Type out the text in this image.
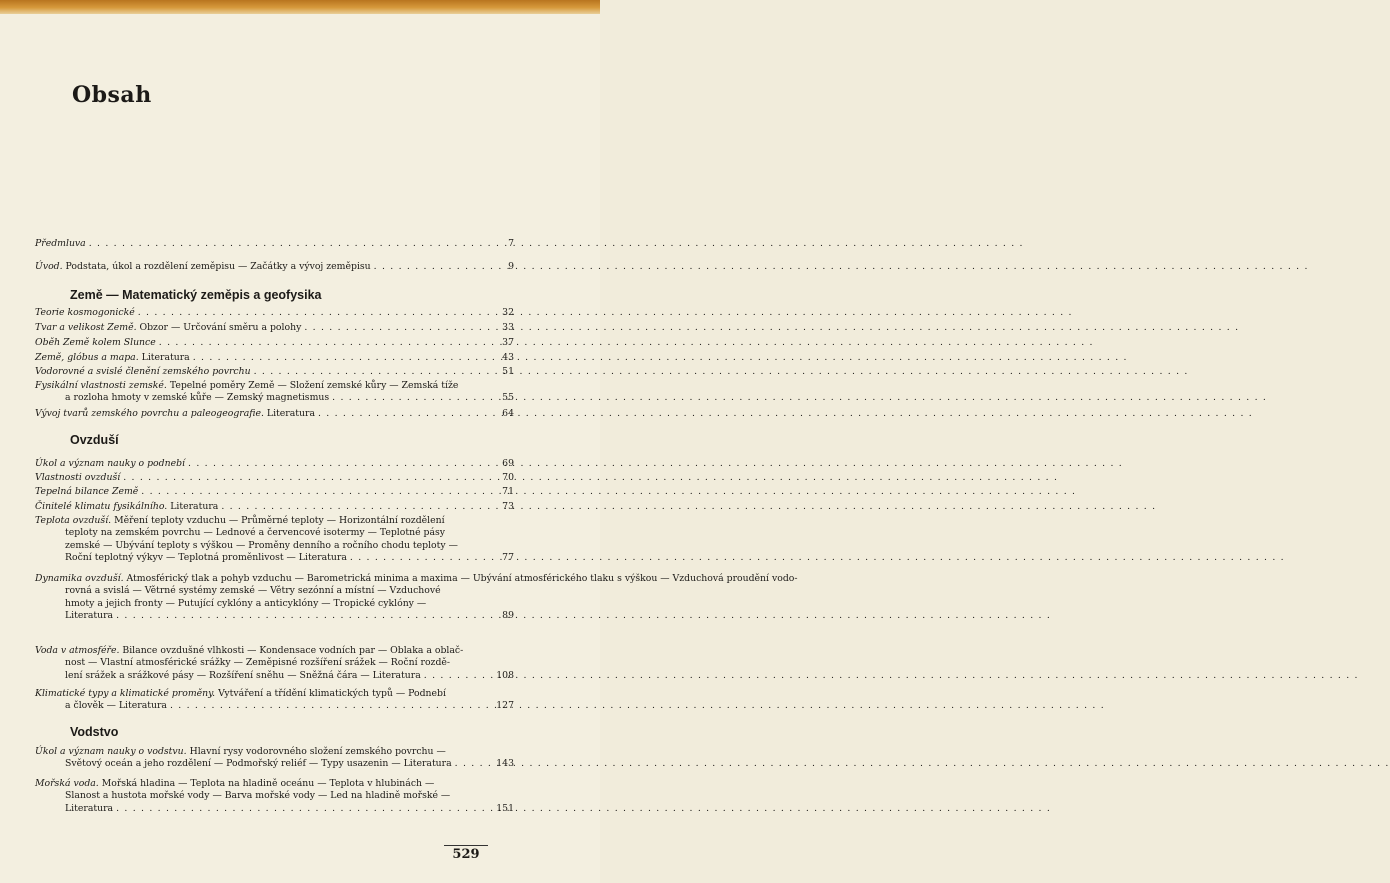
Obsah
Předmluva . . .	7
Úvod. Podstata, úkol a rozdělení zeměpisu — Začátky a vývoj zeměpisu . . .	9
Země — Matematický zeměpis a geofysika
Teorie kosmogonické . . .	32
Tvar a velikost Země. Obzor — Určování směru a polohy . . .	33
Oběh Země kolem Slunce . . .	37
Země, glóbus a mapa. Literatura . . .	43
Vodorovné a svislé členění zemského povrchu . . .	51
Fysikální vlastnosti zemské. Tepelné poměry Země — Složení zemské kůry — Zemská tíže
a rozloha hmoty v zemské kůře — Zemský magnetismus . . .	55
Vývoj tvarů zemského povrchu a paleogeografie. Literatura . . .	64
Ovzduší
Úkol a význam nauky o podnebí . . .	69
Vlastnosti ovzduší . . .	70
Tepelná bilance Země . . .	71
Činitelé klimatu fysikálního. Literatura . . .	73
Teplota ovzduší. Měření teploty vzduchu — Průměrné teploty — Horizontální rozdělení
teploty na zemském povrchu — Lednové a červencové isotermy — Teplotné pásy
zemské — Ubývání teploty s výškou — Proměny denního a ročního chodu teploty —
Roční teplotný výkyv — Teplotná proměnlivost — Literatura . . .	77
Dynamika ovzduší. Atmosférický tlak a pohyb vzduchu — Barometrická minima a maxima — Ubývání atmosférického tlaku s výškou — Vzduchová proudění vodo-
rovná a svislá — Větrné systémy zemské — Větry sezónní a místní — Vzduchové
hmoty a jejich fronty — Putující cyklóny a anticyklóny — Tropické cyklóny —
Literatura . . .	89
Voda v atmosféře. Bilance ovzdušné vlhkosti — Kondensace vodních par — Oblaka a oblač-
nost — Vlastní atmosférické srážky — Zeměpisné rozšíření srážek — Roční rozdě-
lení srážek a srážkové pásy — Rozšíření sněhu — Sněžná čára — Literatura . . .	108
Klimatické typy a klimatické proměny. Vytváření a třídění klimatických typů — Podnebí
a člověk — Literatura . . .	127
Vodstvo
Úkol a význam nauky o vodstvu. Hlavní rysy vodorovného složení zemského povrchu —
Světový oceán a jeho rozdělení — Podmořský reliéf — Typy usazenin — Literatura . . .	143
Mořská voda. Mořská hladina — Teplota na hladině oceánu — Teplota v hlubinách —
Slanost a hustota mořské vody — Barva mořské vody — Led na hladině mořské —
Literatura . . .	151
529
